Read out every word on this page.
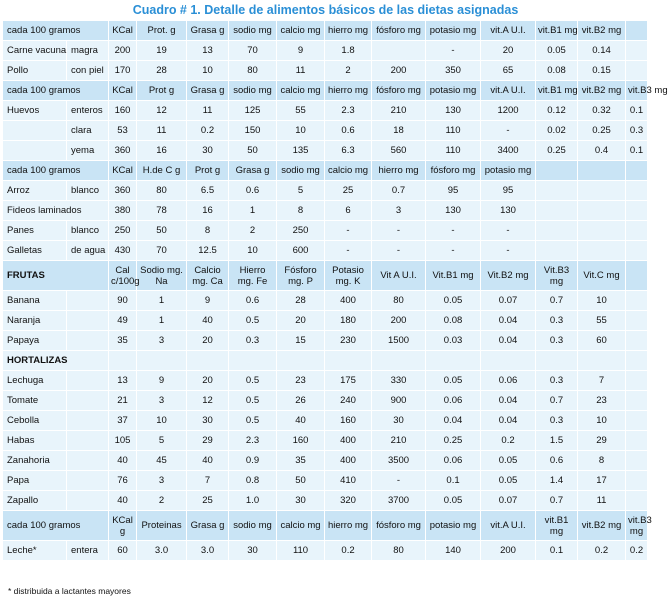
Cuadro # 1. Detalle de alimentos básicos de las dietas asignadas
cada 100 gramos		KCal	Prot. g	Grasa g	sodio mg	calcio mg	hierro mg	fósforo mg	potasio mg	vit.A U.I.	vit.B1 mg	vit.B2 mg	
Carne vacuna	magra	200	19	13	70	9	1.8		-	20	0.05	0.14	
Pollo	con piel	170	28	10	80	11	2	200	350	65	0.08	0.15	
cada 100 gramos		KCal	Prot g	Grasa g	sodio mg	calcio mg	hierro mg	fósforo mg	potasio mg	vit.A U.I.	vit.B1 mg	vit.B2 mg	vit.B3 mg
Huevos	enteros	160	12	11	125	55	2.3	210	130	1200	0.12	0.32	0.1
	clara	53	11	0.2	150	10	0.6	18	110	-	0.02	0.25	0.3
	yema	360	16	30	50	135	6.3	560	110	3400	0.25	0.4	0.1
cada 100 gramos		KCal	H.de C g	Prot g	Grasa g	sodio mg	calcio mg	hierro mg	fósforo mg	potasio mg			
Arroz	blanco	360	80	6.5	0.6	5	25	0.7	95	95			
Fideos laminados		380	78	16	1	8	6	3	130	130			
Panes	blanco	250	50	8	2	250	-	-	-	-			
Galletas	de agua	430	70	12.5	10	600	-	-	-	-			
FRUTAS		Cal c/100g	Sodio mg. Na	Calcio mg. Ca	Hierro mg. Fe	Fósforo mg. P	Potasio mg. K	Vit A U.I.	Vit.B1 mg	Vit.B2 mg	Vit.B3 mg	Vit.C mg	
Banana		90	1	9	0.6	28	400	80	0.05	0.07	0.7	10	
Naranja		49	1	40	0.5	20	180	200	0.08	0.04	0.3	55	
Papaya		35	3	20	0.3	15	230	1500	0.03	0.04	0.3	60	
HORTALIZAS													
Lechuga		13	9	20	0.5	23	175	330	0.05	0.06	0.3	7	
Tomate		21	3	12	0.5	26	240	900	0.06	0.04	0.7	23	
Cebolla		37	10	30	0.5	40	160	30	0.04	0.04	0.3	10	
Habas		105	5	29	2.3	160	400	210	0.25	0.2	1.5	29	
Zanahoria		40	45	40	0.9	35	400	3500	0.06	0.05	0.6	8	
Papa		76	3	7	0.8	50	410	-	0.1	0.05	1.4	17	
Zapallo		40	2	25	1.0	30	320	3700	0.05	0.07	0.7	11	
cada 100 gramos		KCal g	Proteinas	Grasa g	sodio mg	calcio mg	hierro mg	fósforo mg	potasio mg	vit.A U.I.	vit.B1 mg	vit.B2 mg	vit.B3 mg
Leche*	entera	60	3.0	3.0	30	110	0.2	80	140	200	0.1	0.2	0.2
* distribuida a lactantes mayores
